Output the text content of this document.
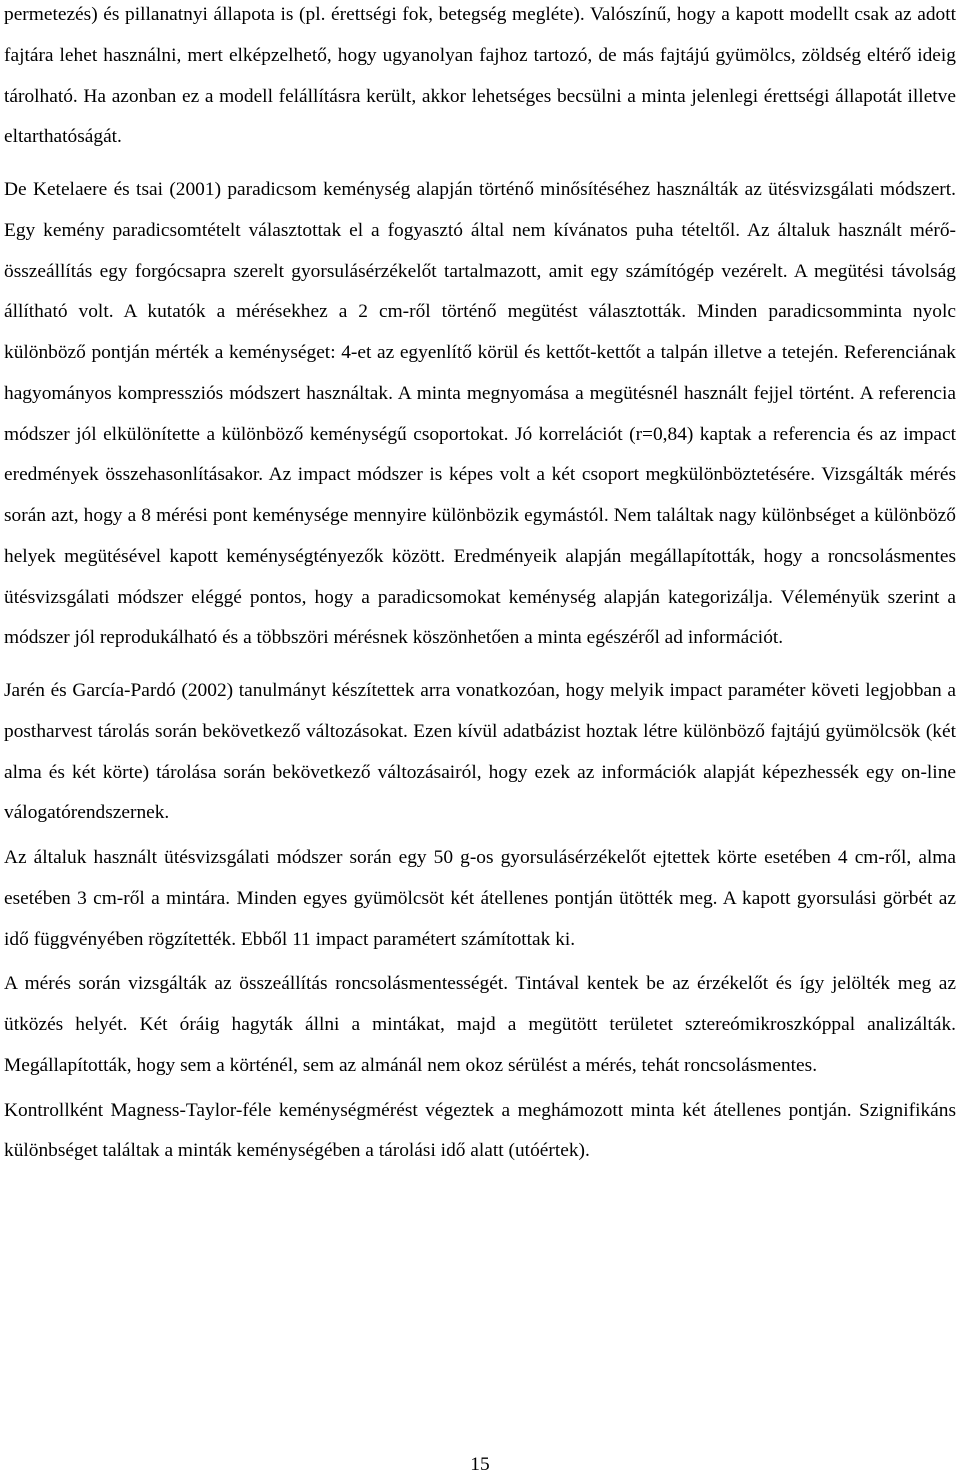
permetezés) és pillanatnyi állapota is (pl. érettségi fok, betegség megléte). Valószínű, hogy a kapott modellt csak az adott fajtára lehet használni, mert elképzelhető, hogy ugyanolyan fajhoz tartozó, de más fajtájú gyümölcs, zöldség eltérő ideig tárolható. Ha azonban ez a modell felállításra került, akkor lehetséges becsülni a minta jelenlegi érettségi állapotát illetve eltarthatóságát.

De Ketelaere és tsai (2001) paradicsom keménység alapján történő minősítéséhez használták az ütésvizsgálati módszert. Egy kemény paradicsomtételt választottak el a fogyasztó által nem kívánatos puha tételtől. Az általuk használt mérő-összeállítás egy forgócsapra szerelt gyorsulásérzékelőt tartalmazott, amit egy számítógép vezérelt. A megütési távolság állítható volt. A kutatók a mérésekhez a 2 cm-ről történő megütést választották. Minden paradicsomminta nyolc különböző pontján mérték a keménységet: 4-et az egyenlítő körül és kettőt-kettőt a talpán illetve a tetején. Referenciának hagyományos kompressziós módszert használtak. A minta megnyomása a megütésnél használt fejjel történt. A referencia módszer jól elkülönítette a különböző keménységű csoportokat. Jó korrelációt (r=0,84) kaptak a referencia és az impact eredmények összehasonlításakor. Az impact módszer is képes volt a két csoport megkülönböztetésére. Vizsgálták mérés során azt, hogy a 8 mérési pont keménysége mennyire különbözik egymástól. Nem találtak nagy különbséget a különböző helyek megütésével kapott keménységtényezők között. Eredményeik alapján megállapították, hogy a roncsolásmentes ütésvizsgálati módszer eléggé pontos, hogy a paradicsomokat keménység alapján kategorizálja. Véleményük szerint a módszer jól reprodukálható és a többszöri mérésnek köszönhetően a minta egészéről ad információt.

Jarén és García-Pardó (2002) tanulmányt készítettek arra vonatkozóan, hogy melyik impact paraméter követi legjobban a postharvest tárolás során bekövetkező változásokat. Ezen kívül adatbázist hoztak létre különböző fajtájú gyümölcsök (két alma és két körte) tárolása során bekövetkező változásairól, hogy ezek az információk alapját képezhessék egy on-line válogatórendszernek.

Az általuk használt ütésvizsgálati módszer során egy 50 g-os gyorsulásérzékelőt ejtettek körte esetében 4 cm-ről, alma esetében 3 cm-ről a mintára. Minden egyes gyümölcsöt két átellenes pontján ütötték meg. A kapott gyorsulási görbét az idő függvényében rögzítették. Ebből 11 impact paramétert számítottak ki.

A mérés során vizsgálták az összeállítás roncsolásmentességét. Tintával kentek be az érzékelőt és így jelölték meg az ütközés helyét. Két óráig hagyták állni a mintákat, majd a megütött területet sztereómikroszkóppal analizálták. Megállapították, hogy sem a körténél, sem az almánál nem okoz sérülést a mérés, tehát roncsolásmentes.

Kontrollként Magness-Taylor-féle keménységmérést végeztek a meghámozott minta két átellenes pontján. Szignifikáns különbséget találtak a minták keménységében a tárolási idő alatt (utóértek).

15
